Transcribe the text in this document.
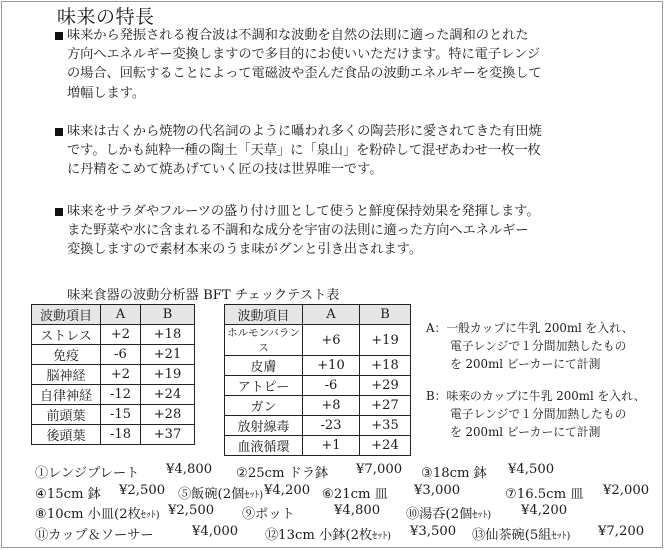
味来の特長

味来から発振される複合波は不調和な波動を自然の法則に適った調和のとれた

方向へエネルギー変換しますので多目的にお使いいただけます。特に電子レンジ

の場合、回転することによって電磁波や歪んだ食品の波動エネルギーを変換して

増幅します。

味来は古くから焼物の代名詞のように囁われ多くの陶芸形に愛されてきた有田焼

です。しかも純粋一種の陶土「天草」に「泉山」を粉砕して混ぜあわせ一枚一枚

に丹精をこめて焼あげていく匠の技は世界唯一です。

味来をサラダやフルーツの盛り付け皿として使うと鮮度保持効果を発揮します。

また野菜や水に含まれる不調和な成分を宇宙の法則に適った方向へエネルギー

変換しますので素材本来のうま味がグンと引き出されます。

味来食器の波動分析器 BFT チェックテスト表
波動項目	A	B
ストレス	+2	+18
免疫	-6	+21
脳神経	+2	+19
自律神経	-12	+24
前頭葉	-15	+28
後頭葉	-18	+37
波動項目	A	B
ホルモンバランス	+6	+19
皮膚	+10	+18
アトピー	-6	+29
ガン	+8	+27
放射線毒	-23	+35
血液循環	+1	+24

A：一般カップに牛乳 200ml を入れ、

電子レンジで１分間加熱したもの

を 200ml ビーカーにて計測

B：味来のカップに牛乳 200ml を入れ、

電子レンジで１分間加熱したもの

を 200ml ビーカーにて計測

①レンジプレート ¥4,800 ②25cm ドラ鉢 ¥7,000 ③18cm 鉢 ¥4,500
④15cm 鉢 ¥2,500 ⑤飯碗(2個ｾｯﾄ) ¥4,200 ⑥21cm 皿 ¥3,000	⑦16.5cm 皿 ¥2,000
⑧10cm 小皿(2枚ｾｯﾄ) ¥2,500 ⑨ポット	¥4,800 ⑩湯呑(2個ｾｯﾄ) ¥4,200
⑪カップ＆ソーサー	¥4,000 ⑫13cm 小鉢(2枚ｾｯﾄ) ¥3,500 ⑬仙茶碗(5組ｾｯﾄ) ¥7,200
